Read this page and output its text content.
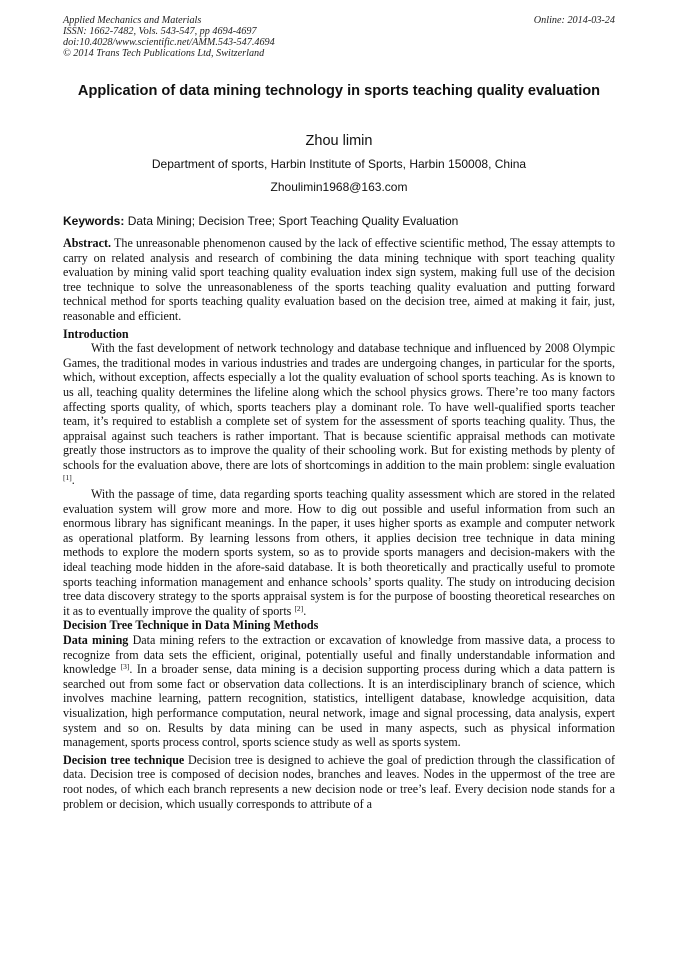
Applied Mechanics and Materials
ISSN: 1662-7482, Vols. 543-547, pp 4694-4697
doi:10.4028/www.scientific.net/AMM.543-547.4694
© 2014 Trans Tech Publications Ltd, Switzerland
Online: 2014-03-24
Application of data mining technology in sports teaching quality evaluation
Zhou limin
Department of sports, Harbin Institute of Sports, Harbin 150008, China
Zhoulimin1968@163.com
Keywords: Data Mining; Decision Tree; Sport Teaching Quality Evaluation

Abstract. The unreasonable phenomenon caused by the lack of effective scientific method, The essay attempts to carry on related analysis and research of combining the data mining technique with sport teaching quality evaluation by mining valid sport teaching quality evaluation index sign system, making full use of the decision tree technique to solve the unreasonableness of the sports teaching quality evaluation and putting forward technical method for sports teaching quality evaluation based on the decision tree, aimed at making it fair, just, reasonable and efficient.

Introduction

With the fast development of network technology and database technique and influenced by 2008 Olympic Games, the traditional modes in various industries and trades are undergoing changes, in particular for the sports, which, without exception, affects especially a lot the quality evaluation of school sports teaching. As is known to us all, teaching quality determines the lifeline along which the school physics grows. There’re too many factors affecting sports quality, of which, sports teachers play a dominant role. To have well-qualified sports teacher team, it’s required to establish a complete set of system for the assessment of sports teaching quality. Thus, the appraisal against such teachers is rather important. That is because scientific appraisal methods can motivate greatly those instructors as to improve the quality of their schooling work. But for existing methods by plenty of schools for the evaluation above, there are lots of shortcomings in addition to the main problem: single evaluation [1].

With the passage of time, data regarding sports teaching quality assessment which are stored in the related evaluation system will grow more and more. How to dig out possible and useful information from such an enormous library has significant meanings. In the paper, it uses higher sports as example and computer network as operational platform. By learning lessons from others, it applies decision tree technique in data mining methods to explore the modern sports system, so as to provide sports managers and decision-makers with the ideal teaching mode hidden in the afore-said database. It is both theoretically and practically useful to promote sports teaching information management and enhance schools’ sports quality. The study on introducing decision tree data discovery strategy to the sports appraisal system is for the purpose of boosting theoretical researches on it as to eventually improve the quality of sports [2].

Decision Tree Technique in Data Mining Methods

Data mining Data mining refers to the extraction or excavation of knowledge from massive data, a process to recognize from data sets the efficient, original, potentially useful and finally understandable information and knowledge [3]. In a broader sense, data mining is a decision supporting process during which a data pattern is searched out from some fact or observation data collections. It is an interdisciplinary branch of science, which involves machine learning, pattern recognition, statistics, intelligent database, knowledge acquisition, data visualization, high performance computation, neural network, image and signal processing, data analysis, expert system and so on. Results by data mining can be used in many aspects, such as physical information management, sports process control, sports science study as well as sports system.

Decision tree technique Decision tree is designed to achieve the goal of prediction through the classification of data. Decision tree is composed of decision nodes, branches and leaves. Nodes in the uppermost of the tree are root nodes, of which each branch represents a new decision node or tree’s leaf. Every decision node stands for a problem or decision, which usually corresponds to attribute of a
